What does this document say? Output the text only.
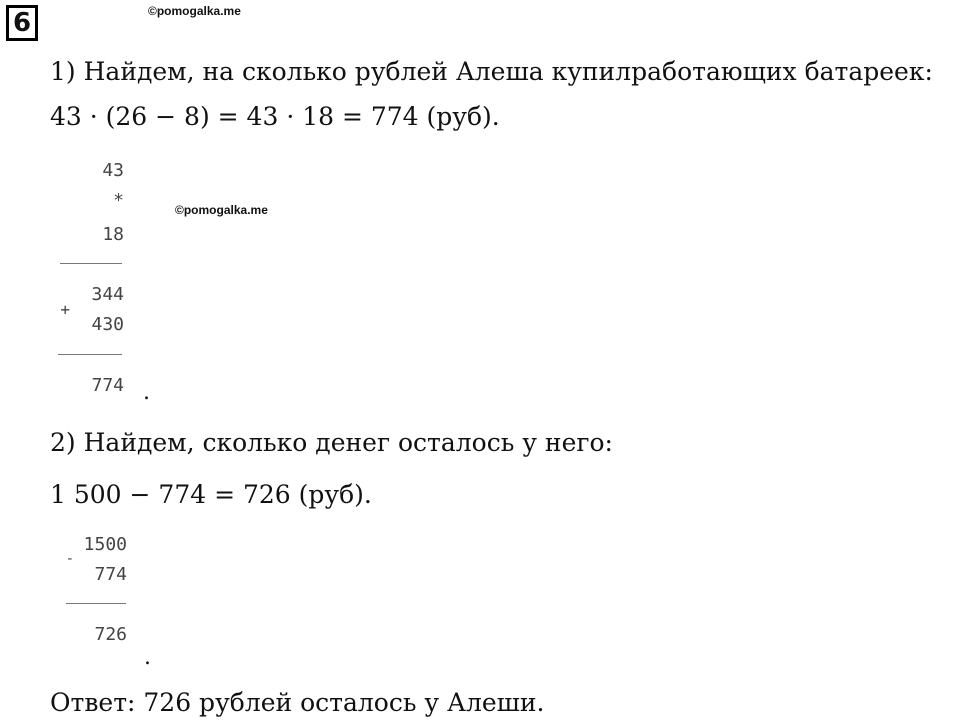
6	©pomogalka.me
1) Найдем, на сколько рублей Алеша купилработающих батареек:
43 · (26 − 8) = 43 · 18 = 774 (руб).
43
*	©pomogalka.me
18
344
+
430
774 .
2) Найдем, сколько денег осталось у него:
1 500 − 774 = 726 (руб).
1500
-
774
726
.
Ответ: 726 рублей осталось у Алеши.
